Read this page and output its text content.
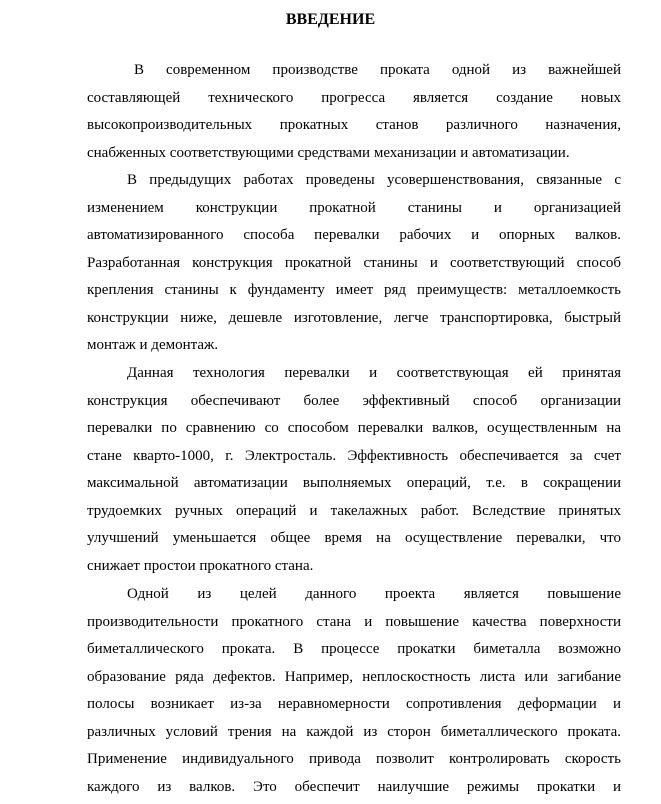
ВВЕДЕНИЕ
В современном производстве проката одной из важнейшей
составляющей технического прогресса является создание новых
высокопроизводительных прокатных станов различного назначения,
снабженных соответствующими средствами механизации и автоматизации.
В предыдущих работах проведены усовершенствования, связанные с
изменением конструкции прокатной станины и организацией
автоматизированного способа перевалки рабочих и опорных валков.
Разработанная конструкция прокатной станины и соответствующий способ
крепления станины к фундаменту имеет ряд преимуществ: металлоемкость
конструкции ниже, дешевле изготовление, легче транспортировка, быстрый
монтаж и демонтаж.
Данная технология перевалки и соответствующая ей принятая
конструкция обеспечивают более эффективный способ организации
перевалки по сравнению со способом перевалки валков, осуществленным на
стане кварто-1000, г. Электросталь. Эффективность обеспечивается за счет
максимальной автоматизации выполняемых операций, т.е. в сокращении
трудоемких ручных операций и такелажных работ. Вследствие принятых
улучшений уменьшается общее время на осуществление перевалки, что
снижает простои прокатного стана.
Одной из целей данного проекта является повышение
производительности прокатного стана и повышение качества поверхности
биметаллического проката. В процессе прокатки биметалла возможно
образование ряда дефектов. Например, неплоскостность листа или загибание
полосы возникает из-за неравномерности сопротивления деформации и
различных условий трения на каждой из сторон биметаллического проката.
Применение индивидуального привода позволит контролировать скорость
каждого из валков. Это обеспечит наилучшие режимы прокатки и
